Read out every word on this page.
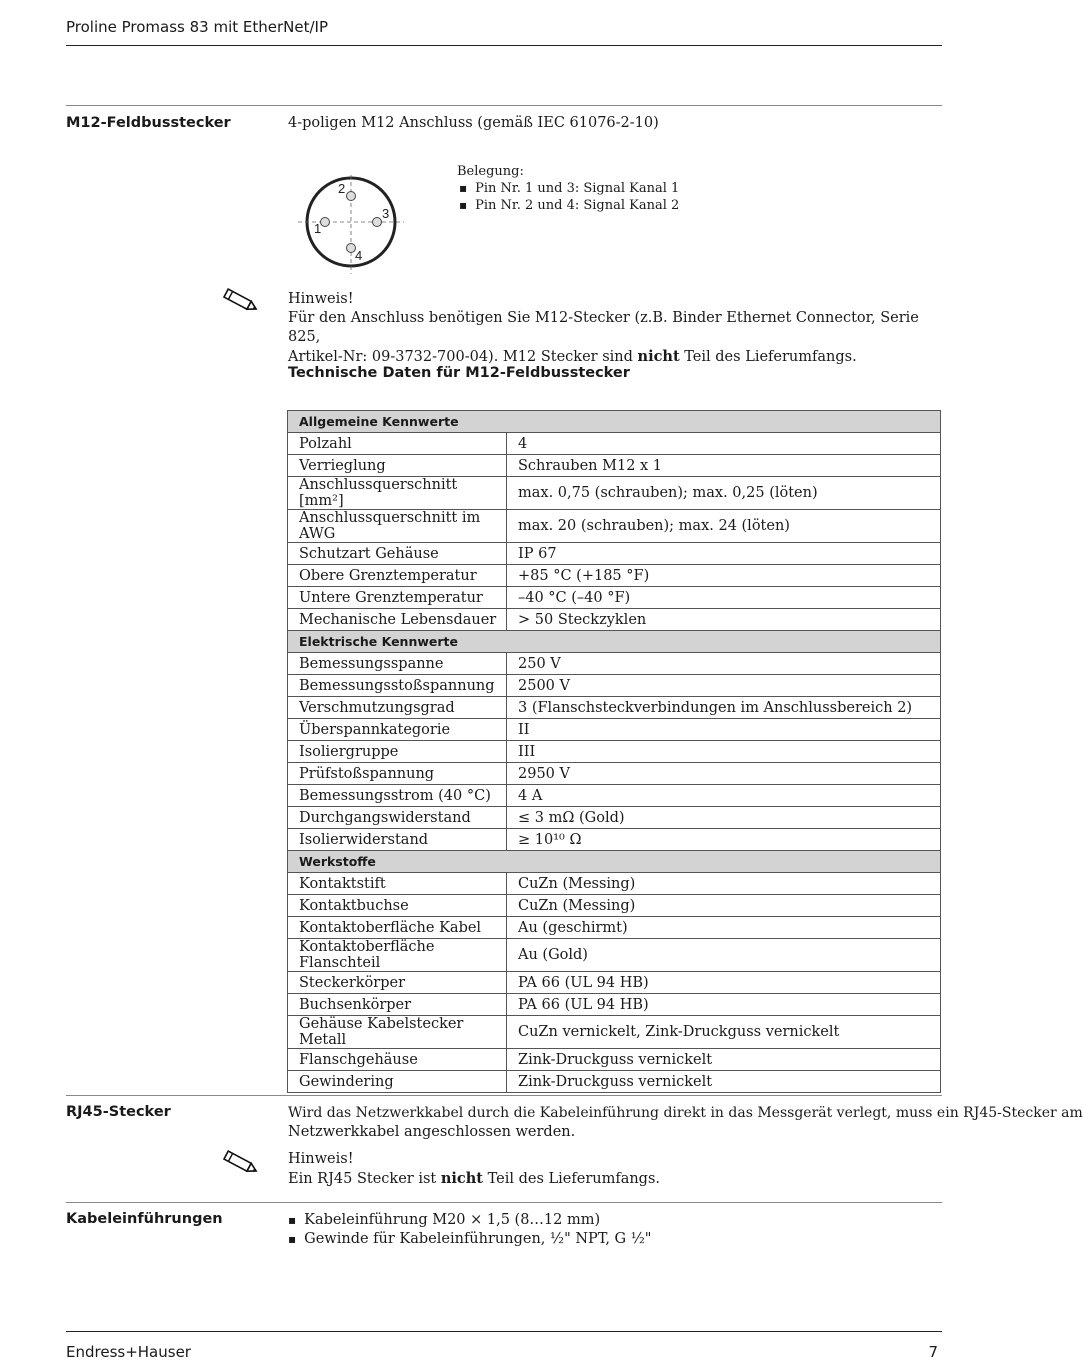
Proline Promass 83 mit EtherNet/IP
M12-Feldbusstecker	4-poligen M12 Anschluss (gemäß IEC 61076-2-10)
1
2
3
4
Belegung:
▪ Pin Nr. 1 und 3: Signal Kanal 1
▪ Pin Nr. 2 und 4: Signal Kanal 2
Hinweis!
Für den Anschluss benötigen Sie M12-Stecker (z.B. Binder Ethernet Connector, Serie 825,
Artikel-Nr: 09-3732-700-04). M12 Stecker sind nicht Teil des Lieferumfangs.
Technische Daten für M12-Feldbusstecker
Allgemeine Kennwerte	
Polzahl	4
Verrieglung	Schrauben M12 x 1
Anschlussquerschnitt [mm²]	max. 0,75 (schrauben); max. 0,25 (löten)
Anschlussquerschnitt im AWG	max. 20 (schrauben); max. 24 (löten)
Schutzart Gehäuse	IP 67
Obere Grenztemperatur	+85 °C (+185 °F)
Untere Grenztemperatur	–40 °C (–40 °F)
Mechanische Lebensdauer	> 50 Steckzyklen
Elektrische Kennwerte	
Bemessungsspanne	250 V
Bemessungsstoßspannung	2500 V
Verschmutzungsgrad	3 (Flanschsteckverbindungen im Anschlussbereich 2)
Überspannkategorie	II
Isoliergruppe	III
Prüfstoßspannung	2950 V
Bemessungsstrom (40 °C)	4 A
Durchgangswiderstand	≤ 3 mΩ (Gold)
Isolierwiderstand	≥ 10¹⁰ Ω
Werkstoffe	
Kontaktstift	CuZn (Messing)
Kontaktbuchse	CuZn (Messing)
Kontaktoberfläche Kabel	Au (geschirmt)
Kontaktoberfläche Flanschteil	Au (Gold)
Steckerkörper	PA 66 (UL 94 HB)
Buchsenkörper	PA 66 (UL 94 HB)
Gehäuse Kabelstecker Metall	CuZn vernickelt, Zink-Druckguss vernickelt
Flanschgehäuse	Zink-Druckguss vernickelt
Gewindering	Zink-Druckguss vernickelt
RJ45-Stecker	Wird das Netzwerkkabel durch die Kabeleinführung direkt in das Messgerät verlegt, muss ein RJ45-Stecker am
Netzwerkkabel angeschlossen werden.
Hinweis!
Ein RJ45 Stecker ist nicht Teil des Lieferumfangs.
Kabeleinführungen	▪ Kabeleinführung M20 × 1,5 (8…12 mm)
▪ Gewinde für Kabeleinführungen, ½" NPT, G ½"
Endress+Hauser	7
